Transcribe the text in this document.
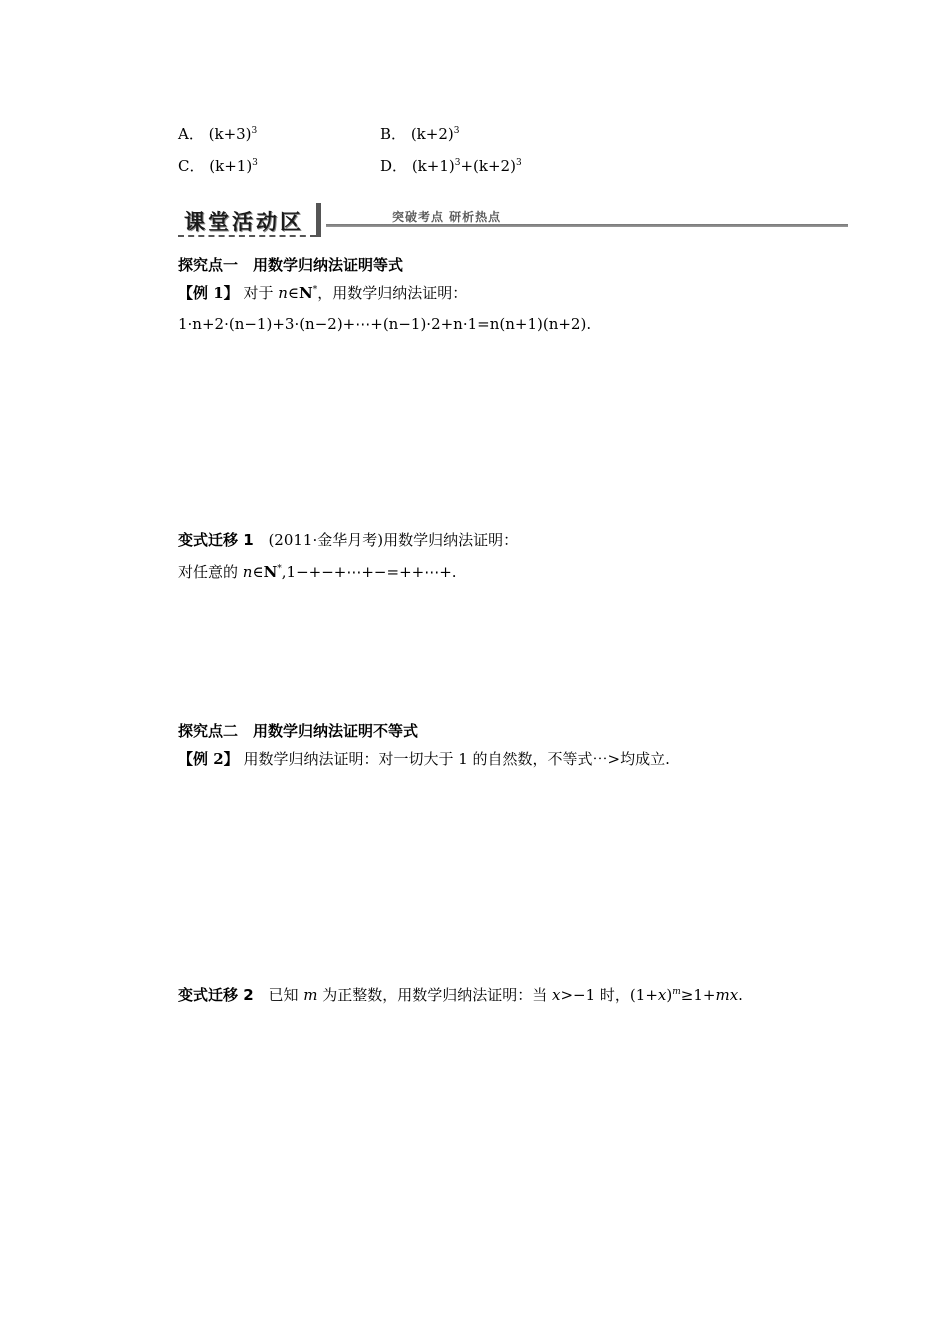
A． $(k+3)^3$	B． $(k+2)^3$
C． $(k+1)^3$	D． $(k+1)^3+(k+2)^3$
课堂活动区	突破考点 研析热点
探究点一　用数学归纳法证明等式
【例 1】 对于 n∈N*，用数学归纳法证明：
1·n+2·(n−1)+3·(n−2)+⋯+(n−1)·2+n·1=n(n+1)(n+2).
变式迁移 1 (2011·金华月考)用数学归纳法证明：
对任意的 n∈N*,1−+−+⋯+−=++⋯+.
探究点二　用数学归纳法证明不等式
【例 2】 用数学归纳法证明：对一切大于 1 的自然数，不等式⋯>均成立.
变式迁移 2 已知 m 为正整数，用数学归纳法证明：当 x>−1 时，$(1+x)^m\ge 1+mx$.
